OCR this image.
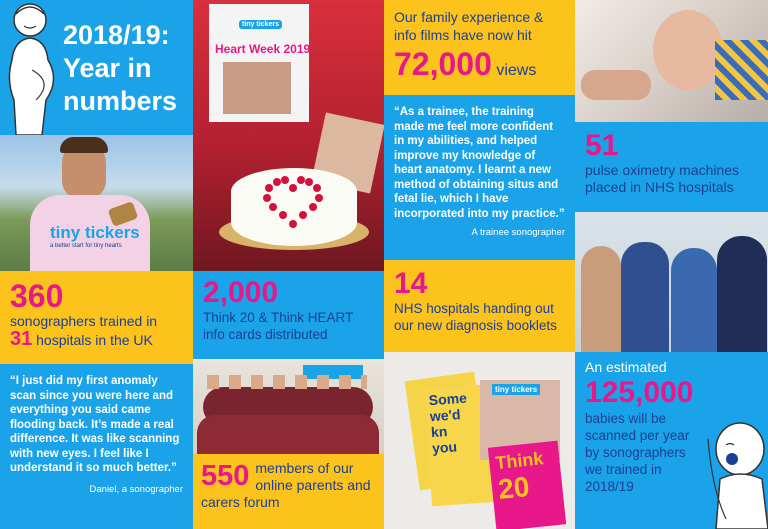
2018/19:
Year in
numbers
tiny tickers
a better start for tiny hearts
360
sonographers trained in
31 hospitals in the UK
“I just did my first anomaly scan since you were here and everything you said came flooding back. It’s made a real difference. It was like scanning with new eyes. I feel like I understand it so much better.”
Daniel, a sonographer
tiny tickers
Heart Week 2019
2,000
Think 20 & Think HEART info cards distributed
550 members of our online parents and carers forum
Our family experience & info films have now hit
72,000 views
“As a trainee, the training made me feel more confident in my abilities, and helped improve my knowledge of heart anatomy. I learnt a new method of obtaining situs and fetal lie, which I have incorporated into my practice.”
A trainee sonographer
14
NHS hospitals handing out our new diagnosis booklets
Some
we'd
kn
you
tiny tickers
Think
20
51
pulse oximetry machines placed in NHS hospitals
An estimated
125,000
babies will be scanned per year by sonographers we trained in 2018/19
